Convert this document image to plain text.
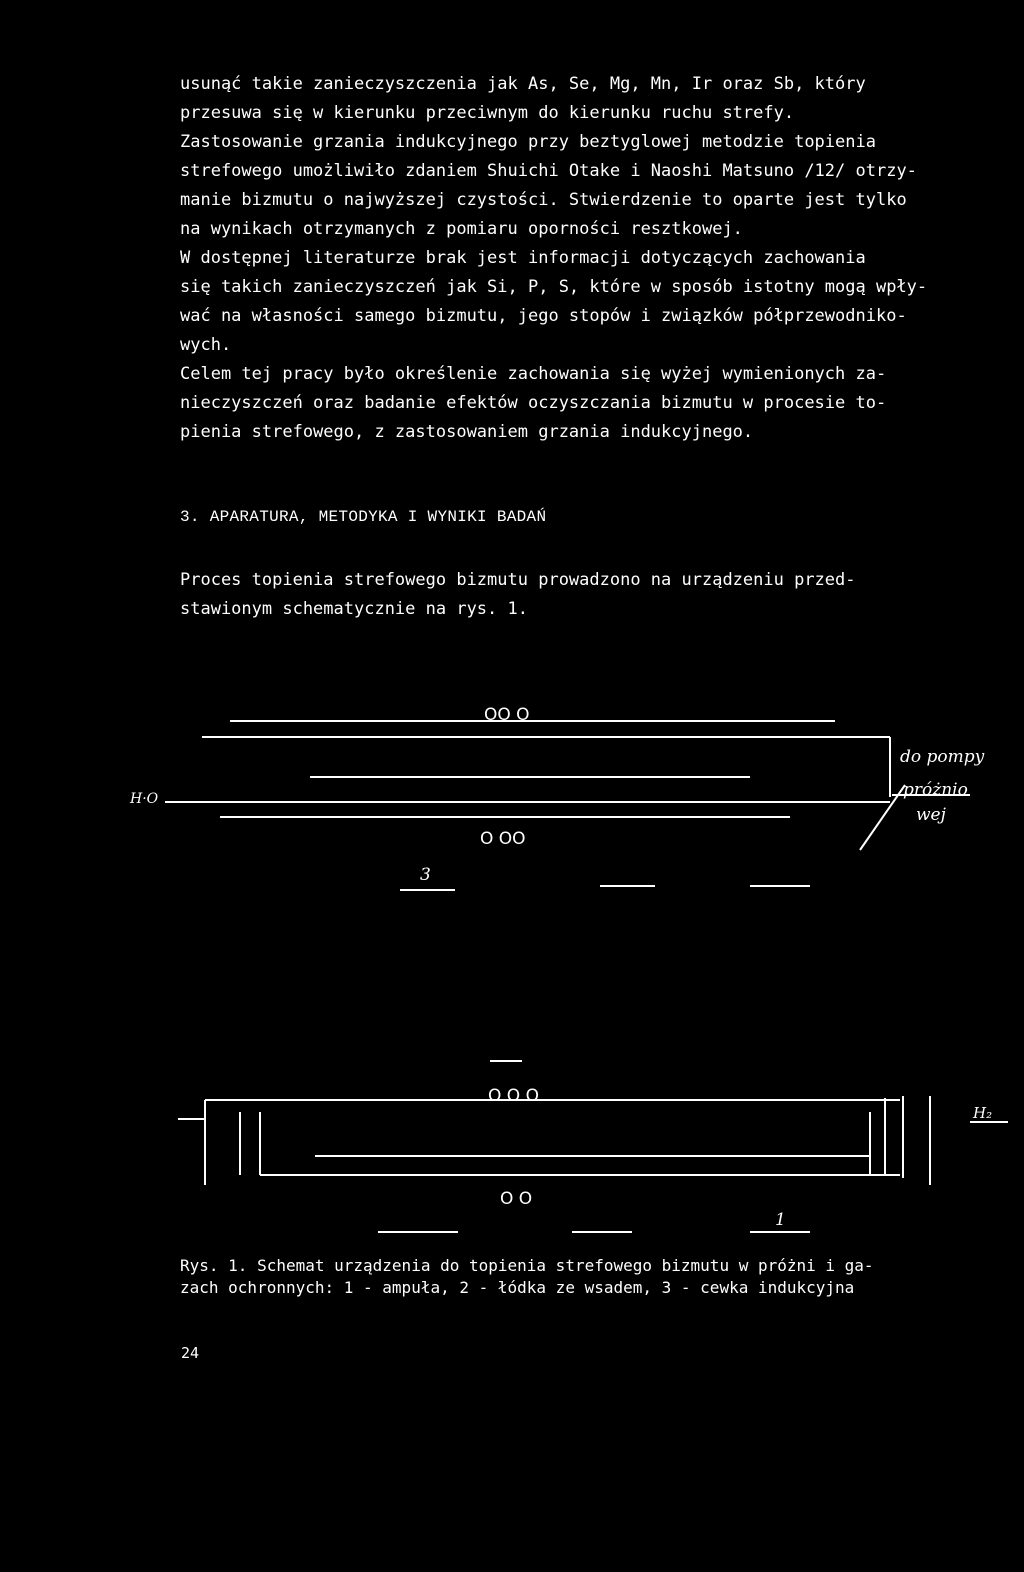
usunąć takie zanieczyszczenia jak As, Se, Mg, Mn, Ir oraz Sb, który
przesuwa się w kierunku przeciwnym do kierunku ruchu strefy.
Zastosowanie grzania indukcyjnego przy beztyglowej metodzie topienia
strefowego umożliwiło zdaniem Shuichi Otake i Naoshi Matsuno /12/ otrzy-
manie bizmutu o najwyższej czystości. Stwierdzenie to oparte jest tylko
na wynikach otrzymanych z pomiaru oporności resztkowej.
W dostępnej literaturze brak jest informacji dotyczących zachowania
się takich zanieczyszczeń jak Si, P, S, które w sposób istotny mogą wpły-
wać na własności samego bizmutu, jego stopów i związków półprzewodniko-
wych.
Celem tej pracy było określenie zachowania się wyżej wymienionych za-
nieczyszczeń oraz badanie efektów oczyszczania bizmutu w procesie to-
pienia strefowego, z zastosowaniem grzania indukcyjnego.
3. APARATURA, METODYKA I WYNIKI BADAŃ
Proces topienia strefowego bizmutu prowadzono na urządzeniu przed-
stawionym schematycznie na rys. 1.
OO O
O OO
H·O
do pompy
próżnio
wej
3
O O O
O O
H₂
1
Rys. 1. Schemat urządzenia do topienia strefowego bizmutu w próżni i ga-
zach ochronnych: 1 - ampuła, 2 - łódka ze wsadem, 3 - cewka indukcyjna
24
